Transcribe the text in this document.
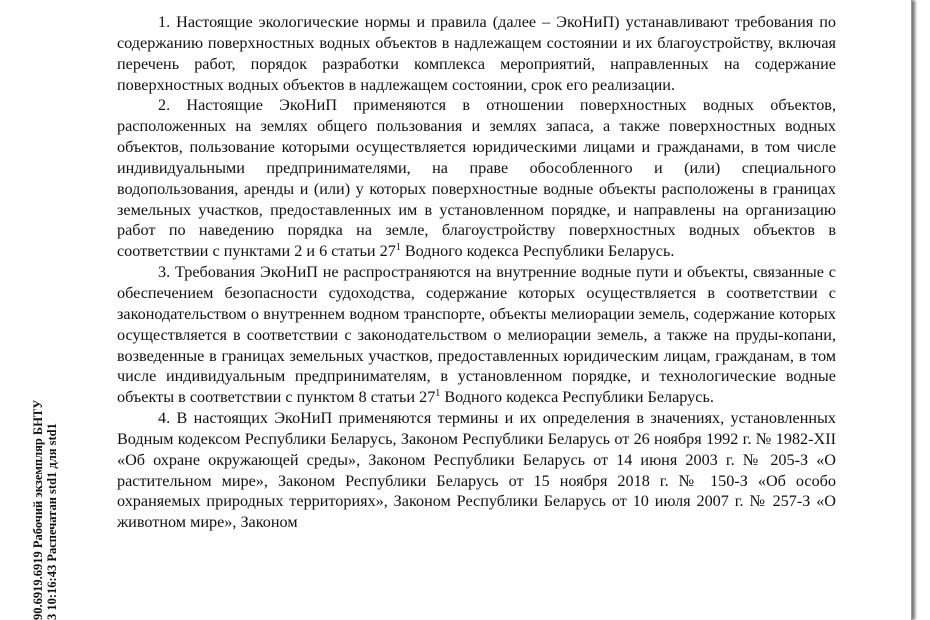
90.6919.6919 Рабочий экземпляр БНТУ 3 10:16:43 Распечатан std1 для std1

1. Настоящие экологические нормы и правила (далее – ЭкоНиП) устанавливают требования по содержанию поверхностных водных объектов в надлежащем состоянии и их благоустройству, включая перечень работ, порядок разработки комплекса мероприятий, направленных на содержание поверхностных водных объектов в надлежащем состоянии, срок его реализации.

2. Настоящие ЭкоНиП применяются в отношении поверхностных водных объектов, расположенных на землях общего пользования и землях запаса, а также поверхностных водных объектов, пользование которыми осуществляется юридическими лицами и гражданами, в том числе индивидуальными предпринимателями, на праве обособленного и (или) специального водопользования, аренды и (или) у которых поверхностные водные объекты расположены в границах земельных участков, предоставленных им в установленном порядке, и направлены на организацию работ по наведению порядка на земле, благоустройству поверхностных водных объектов в соответствии с пунктами 2 и 6 статьи $27^1$ Водного кодекса Республики Беларусь.

3. Требования ЭкоНиП не распространяются на внутренние водные пути и объекты, связанные с обеспечением безопасности судоходства, содержание которых осуществляется в соответствии с законодательством о внутреннем водном транспорте, объекты мелиорации земель, содержание которых осуществляется в соответствии с законодательством о мелиорации земель, а также на пруды-копани, возведенные в границах земельных участков, предоставленных юридическим лицам, гражданам, в том числе индивидуальным предпринимателям, в установленном порядке, и технологические водные объекты в соответствии с пунктом 8 статьи $27^1$ Водного кодекса Республики Беларусь.

4. В настоящих ЭкоНиП применяются термины и их определения в значениях, установленных Водным кодексом Республики Беларусь, Законом Республики Беларусь от 26 ноября 1992 г. № 1982-XII «Об охране окружающей среды», Законом Республики Беларусь от 14 июня 2003 г. № 205-З «О растительном мире», Законом Республики Беларусь от 15 ноября 2018 г. № 150-З «Об особо охраняемых природных территориях», Законом Республики Беларусь от 10 июля 2007 г. № 257-З «О животном мире», Законом
